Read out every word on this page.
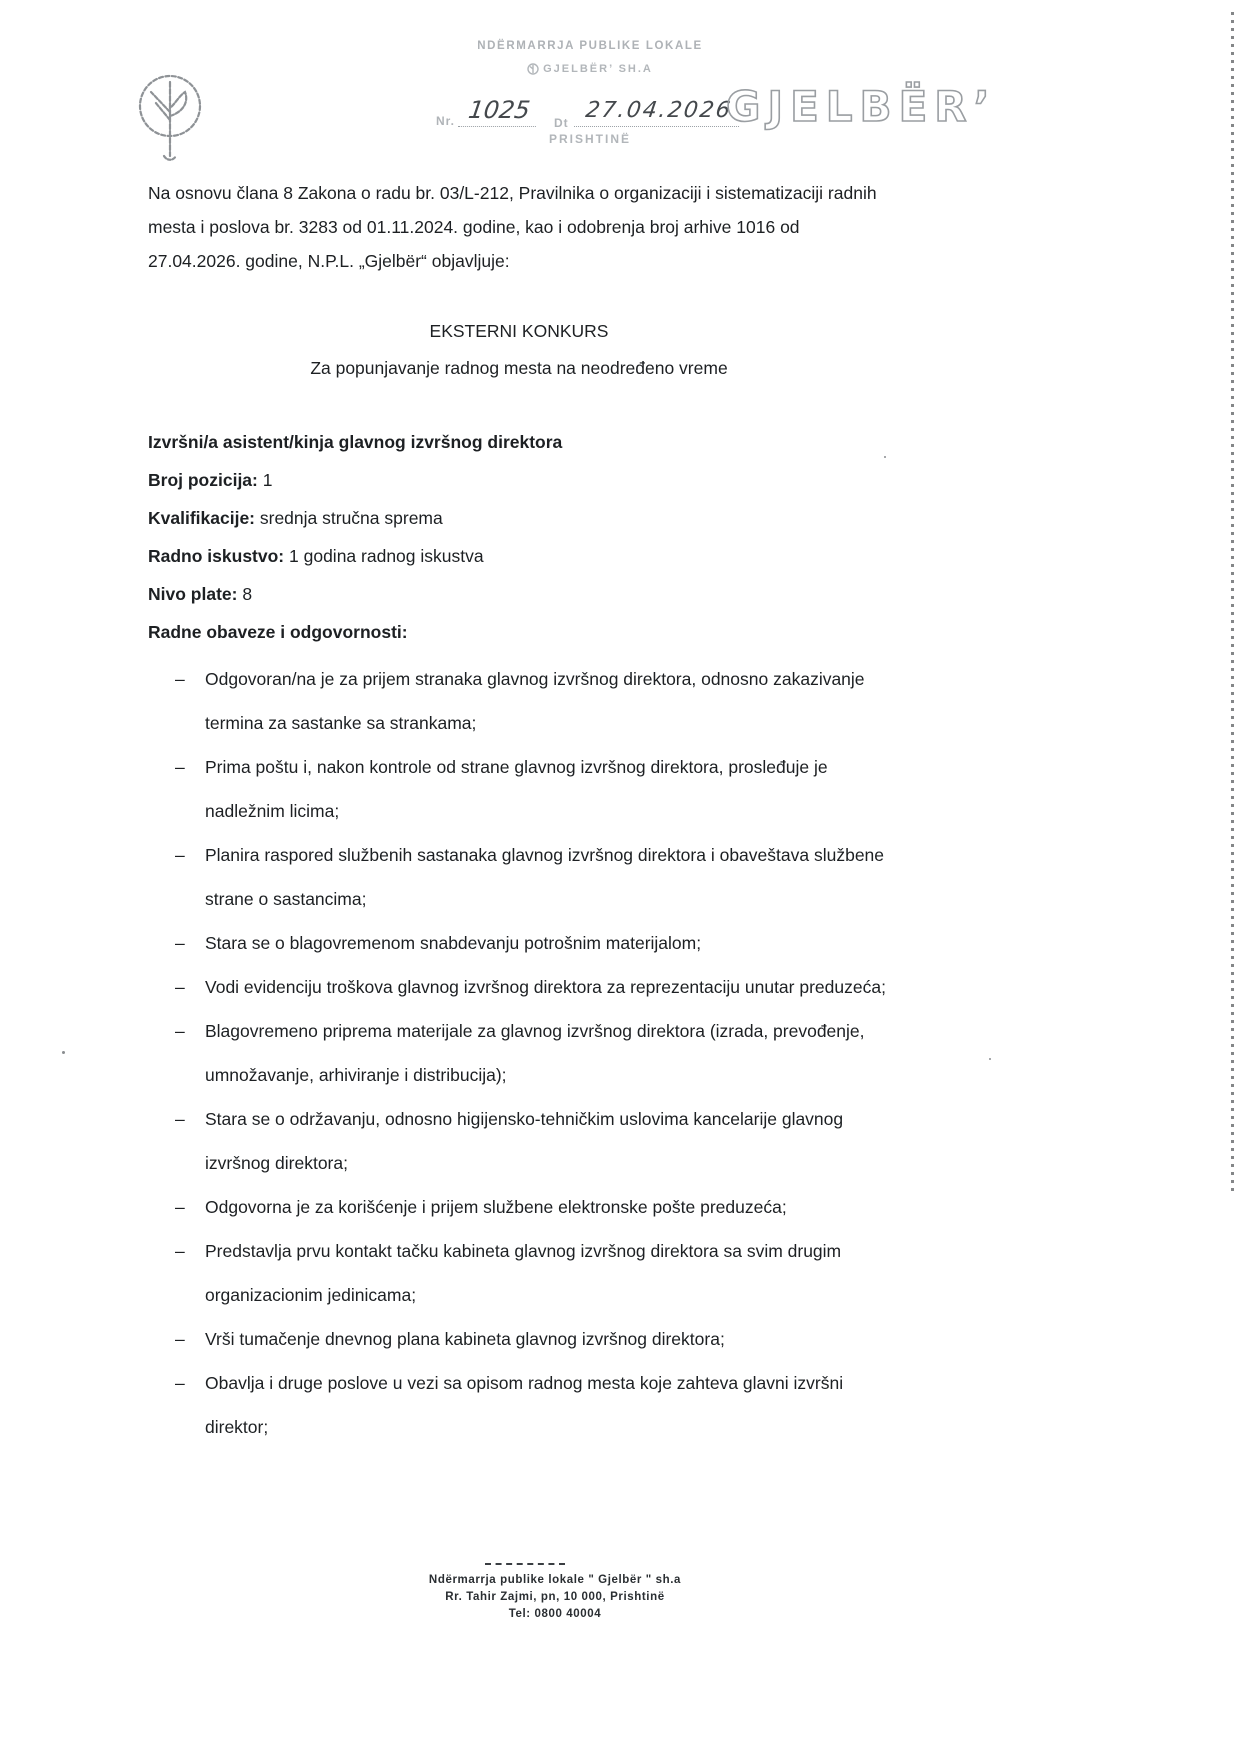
NDËRMARRJA PUBLIKE LOKALE
GJELBËR’ SH.A
Nr. 1025	Dt 27.04.2026
PRISHTINË
GJELBËR’

Na osnovu člana 8 Zakona o radu br. 03/L-212, Pravilnika o organizaciji i sistematizaciji radnih mesta i poslova br. 3283 od 01.11.2024. godine, kao i odobrenja broj arhive 1016 od 27.04.2026. godine, N.P.L. „Gjelbër“ objavljuje:

EKSTERNI KONKURS

Za popunjavanje radnog mesta na neodređeno vreme

Izvršni/a asistent/kinja glavnog izvršnog direktora

Broj pozicija: 1
Kvalifikacije: srednja stručna sprema
Radno iskustvo: 1 godina radnog iskustva
Nivo plate: 8
Radne obaveze i odgovornosti:
– Odgovoran/na je za prijem stranaka glavnog izvršnog direktora, odnosno zakazivanje termina za sastanke sa strankama;
– Prima poštu i, nakon kontrole od strane glavnog izvršnog direktora, prosleđuje je nadležnim licima;
– Planira raspored službenih sastanaka glavnog izvršnog direktora i obaveštava službene strane o sastancima;
– Stara se o blagovremenom snabdevanju potrošnim materijalom;
– Vodi evidenciju troškova glavnog izvršnog direktora za reprezentaciju unutar preduzeća;
– Blagovremeno priprema materijale za glavnog izvršnog direktora (izrada, prevođenje, umnožavanje, arhiviranje i distribucija);
– Stara se o održavanju, odnosno higijensko-tehničkim uslovima kancelarije glavnog izvršnog direktora;
– Odgovorna je za korišćenje i prijem službene elektronske pošte preduzeća;
– Predstavlja prvu kontakt tačku kabineta glavnog izvršnog direktora sa svim drugim organizacionim jedinicama;
– Vrši tumačenje dnevnog plana kabineta glavnog izvršnog direktora;
– Obavlja i druge poslove u vezi sa opisom radnog mesta koje zahteva glavni izvršni direktor;
Ndërmarrja publike lokale " Gjelbër " sh.a
Rr. Tahir Zajmi, pn, 10 000, Prishtinë
Tel: 0800 40004
